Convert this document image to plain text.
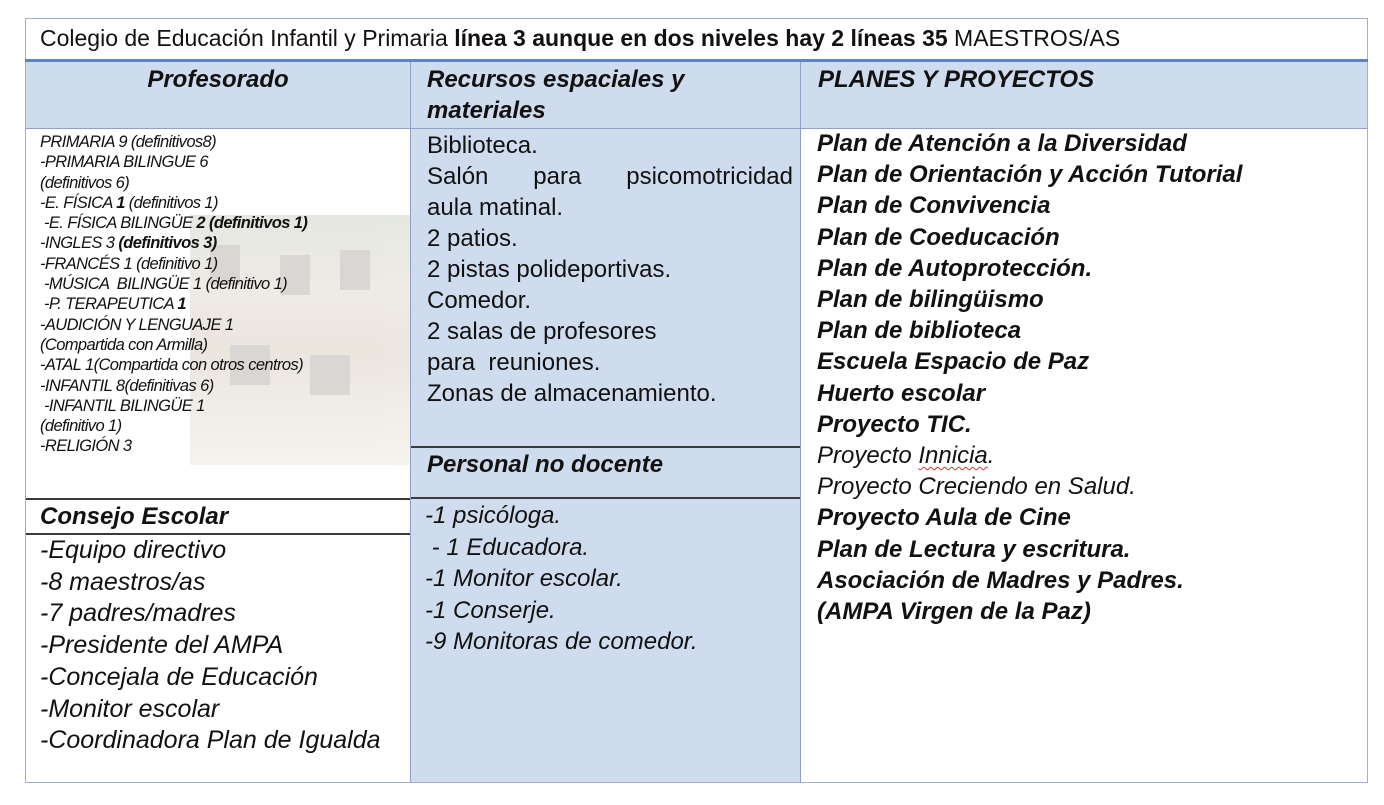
Colegio de Educación Infantil y Primaria línea 3 aunque en dos niveles hay 2 líneas 35 MAESTROS/AS
Profesorado	Recursos espaciales y materiales
PLANES Y PROYECTOS
Personal no docente
Consejo Escolar
PRIMARIA 9 (definitivos8)
-PRIMARIA BILINGUE 6
(definitivos 6)
-E. FÍSICA 1 (definitivos 1)
-E. FÍSICA BILINGÜE 2 (definitivos 1)
-INGLES 3 (definitivos 3)
-FRANCÉS 1 (definitivo 1)
-MÚSICA  BILINGÜE 1 (definitivo 1)
-P. TERAPEUTICA 1
-AUDICIÓN Y LENGUAJE 1
(Compartida con Armilla)
-ATAL 1(Compartida con otros centros)
-INFANTIL 8(definitivas 6)
-INFANTIL BILINGÜE 1
(definitivo 1)
-RELIGIÓN 3
Biblioteca.
Salón para psicomotricidad
aula matinal.
2 patios.
2 pistas polideportivas.
Comedor.
2 salas de profesores
para  reuniones.
Zonas de almacenamiento.
-1 psicóloga.
- 1 Educadora.
-1 Monitor escolar.
-1 Conserje.
-9 Monitoras de comedor.
-Equipo directivo
-8 maestros/as
-7 padres/madres
-Presidente del AMPA
-Concejala de Educación
-Monitor escolar
-Coordinadora Plan de Igualda
Plan de Atención a la Diversidad
Plan de Orientación y Acción Tutorial
Plan de Convivencia
Plan de Coeducación
Plan de Autoprotección.
Plan de bilingüismo
Plan de biblioteca
Escuela Espacio de Paz
Huerto escolar
Proyecto TIC.
Proyecto Innicia.
Proyecto Creciendo en Salud.
Proyecto Aula de Cine
Plan de Lectura y escritura.
Asociación de Madres y Padres.
(AMPA Virgen de la Paz)
